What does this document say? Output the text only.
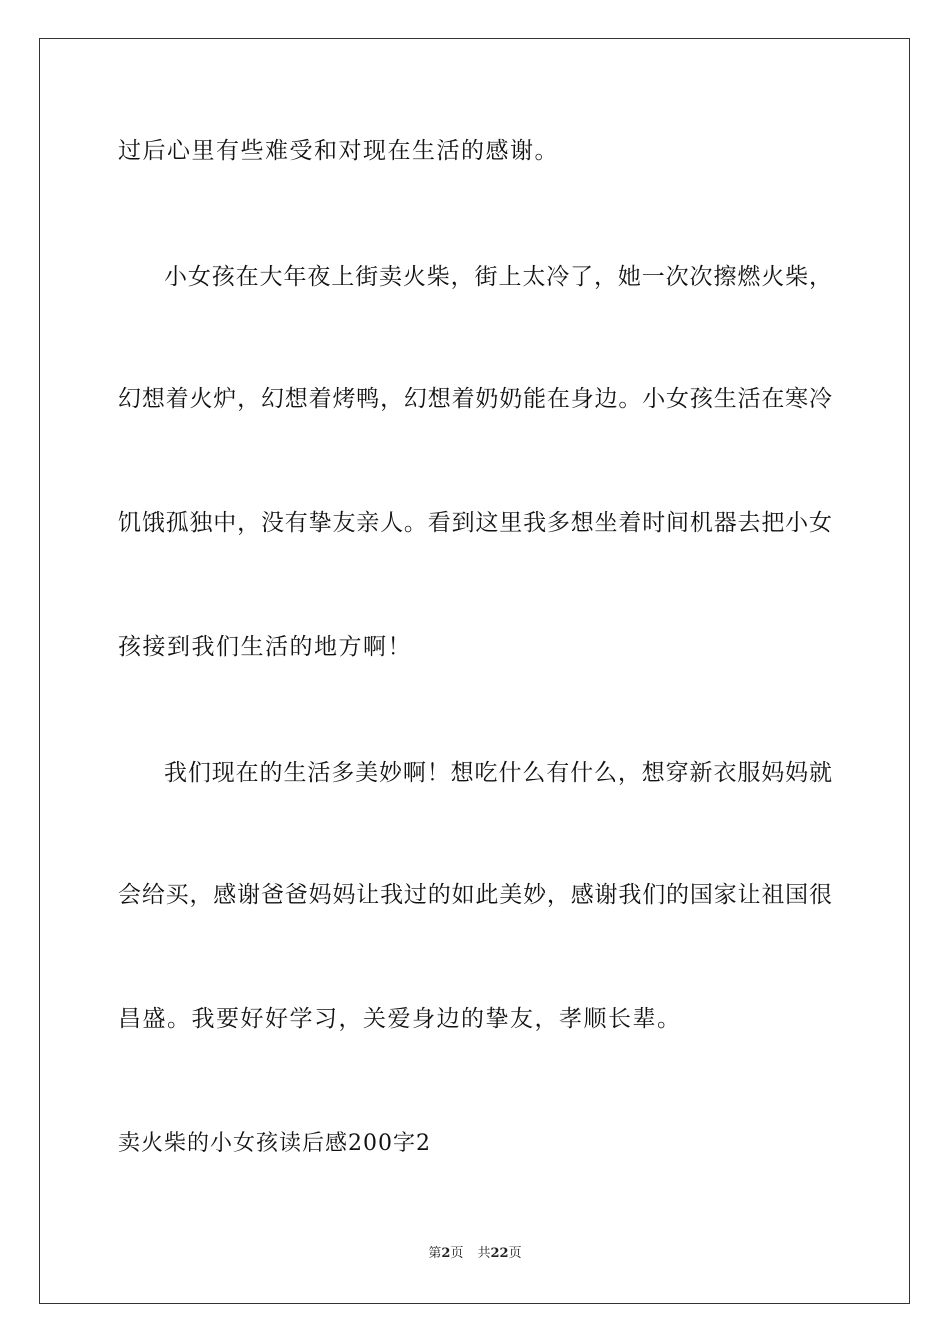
过后心里有些难受和对现在生活的感谢。
小女孩在大年夜上街卖火柴，街上太冷了，她一次次擦燃火柴，
幻想着火炉，幻想着烤鸭，幻想着奶奶能在身边。小女孩生活在寒冷
饥饿孤独中，没有挚友亲人。看到这里我多想坐着时间机器去把小女
孩接到我们生活的地方啊！
我们现在的生活多美妙啊！想吃什么有什么，想穿新衣服妈妈就
会给买，感谢爸爸妈妈让我过的如此美妙，感谢我们的国家让祖国很
昌盛。我要好好学习，关爱身边的挚友，孝顺长辈。
卖火柴的小女孩读后感200字2
第2页 共22页
